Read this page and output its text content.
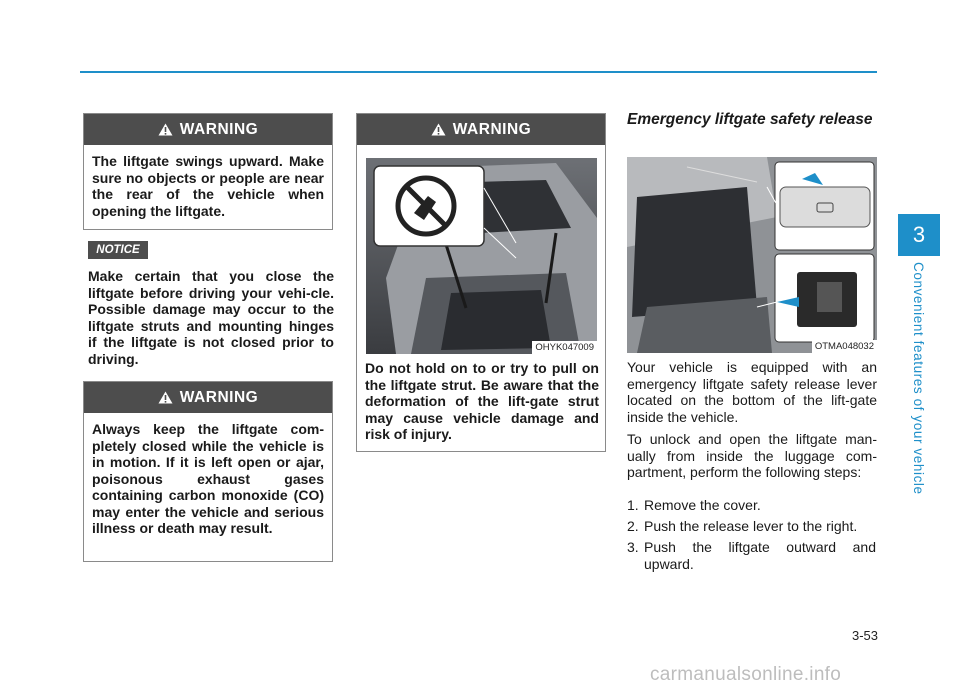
WARNING
The liftgate swings upward. Make sure no objects or people are near the rear of the vehicle when opening the liftgate.
NOTICE
Make certain that you close the liftgate before driving your vehi-cle. Possible damage may occur to the liftgate struts and mounting hinges if the liftgate is not closed prior to driving.
WARNING
Always keep the liftgate com-pletely closed while the vehicle is in motion. If it is left open or ajar, poisonous exhaust gases containing carbon monoxide (CO) may enter the vehicle and serious illness or death may result.
WARNING
OHYK047009
Do not hold on to or try to pull on the liftgate strut. Be aware that the deformation of the lift-gate strut may cause vehicle damage and risk of injury.
Emergency liftgate safety release
OTMA048032
Your vehicle is equipped with an emergency liftgate safety release lever located on the bottom of the lift-gate inside the vehicle.
To unlock and open the liftgate man-ually from inside the luggage com-partment, perform the following steps:
1. Remove the cover.
2. Push the release lever to the right.
3. Push the liftgate outward and upward.
3
Convenient features of your vehicle
3-53
carmanualsonline.info
